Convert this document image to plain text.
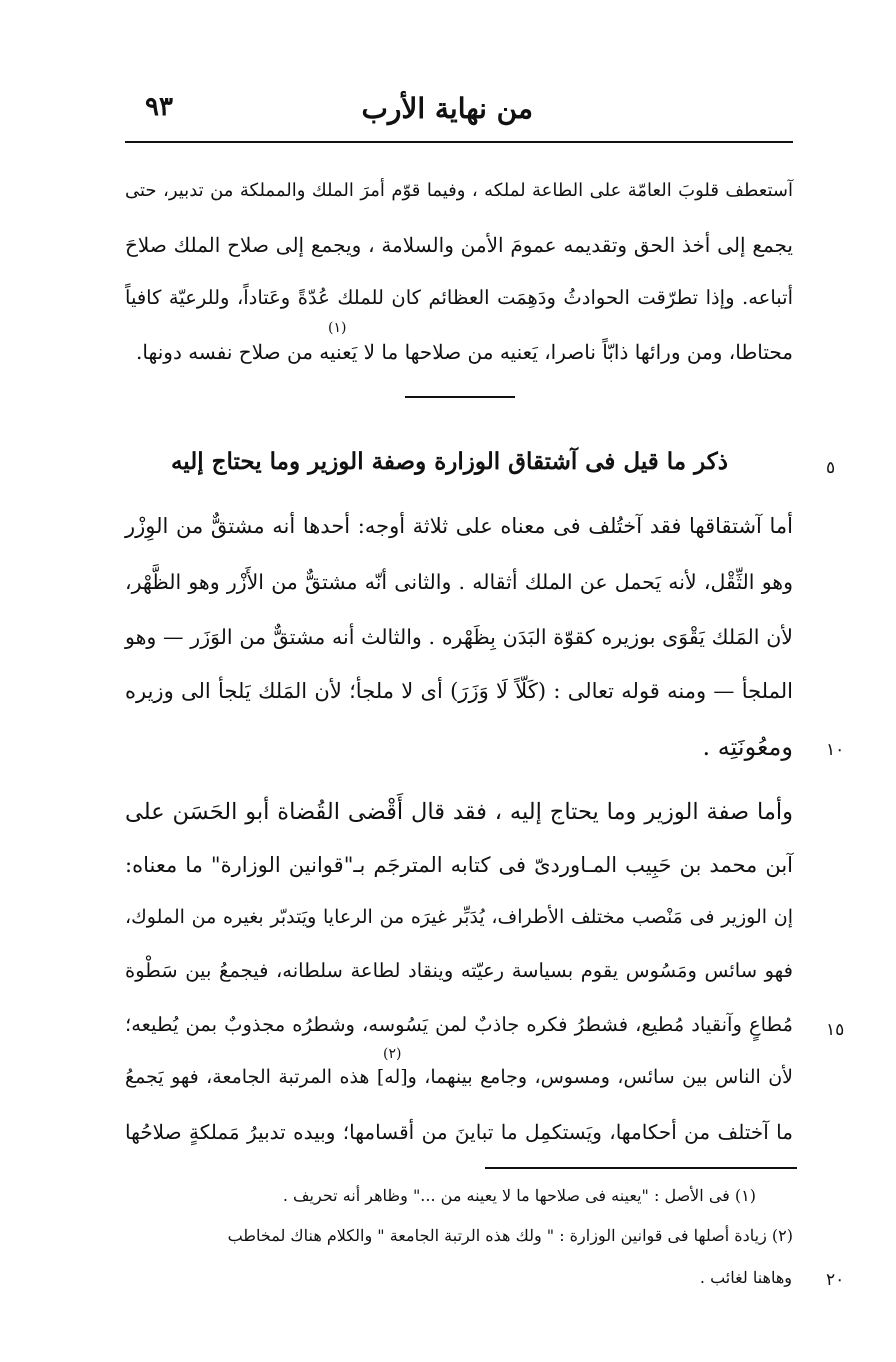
من نهاية الأرب
٩٣
آستعطف قلوبَ العامّة على الطاعة لملكه ، وفيما قوّم أمرَ الملك والمملكة من تدبير، حتى
يجمع إلى أخذ الحق وتقديمه عمومَ الأمن والسلامة ، ويجمع إلى صلاح الملك صلاحَ
أتباعه. وإذا تطرّقت الحوادثُ ودَهِمَت العظائم كان للملك عُدّةً وعَتاداً، وللرعيّة كافياً
(١)
محتاطا، ومن ورائها ذابّاً ناصرا، يَعنيه من صلاحها ما لا يَعنيه من صلاح نفسه دونها.
ذكر ما قيل فى آشتقاق الوزارة وصفة الوزير وما يحتاج إليه	٥
أما آشتقاقها فقد آختُلف فى معناه على ثلاثة أوجه: أحدها أنه مشتقٌّ من الوِزْر
وهو الثِّقْل، لأنه يَحمل عن الملك أثقاله . والثانى أنّه مشتقٌّ من الأَزْر وهو الظَّهْر،
لأن المَلك يَقْوَى بوزيره كقوّة البَدَن بِظَهْره . والثالث أنه مشتقٌّ من الوَزَر — وهو
الملجأ — ومنه قوله تعالى : (كَلّاً لَا وَزَرَ) أى لا ملجأ؛ لأن المَلك يَلجأ الى وزيره
ومعُونَتِه . ١٠
وأما صفة الوزير وما يحتاج إليه ، فقد قال أَقْضى القُضاة أبو الحَسَن على
آبن محمد بن حَبِيب المـاوردىّ فى كتابه المترجَم بـ"قوانين الوزارة" ما معناه:
إن الوزير فى مَنْصب مختلف الأطراف، يُدَبِّر غيرَه من الرعايا ويَتدبّر بغيره من الملوك،
فهو سائس ومَسُوس يقوم بسياسة رعيّته وينقاد لطاعة سلطانه، فيجمعُ بين سَطْوة
مُطاعٍ وآنقياد مُطيع، فشطرُ فكره جاذبٌ لمن يَسُوسه، وشطرُه مجذوبٌ بمن يُطيعه؛ ١٥
(٢)
لأن الناس بين سائس، ومسوس، وجامع بينهما، و[له] هذه المرتبة الجامعة، فهو يَجمعُ
ما آختلف من أحكامها، ويَستكمِل ما تباينَ من أقسامها؛ وبيده تدبيرُ مَملكةٍ صلاحُها
(١) فى الأصل : "يعينه فى صلاحها ما لا يعينه من ..." وظاهر أنه تحريف .
(٢) زيادة أصلها فى قوانين الوزارة : " ولك هذه الرتبة الجامعة " والكلام هناك لمخاطب
وهاهنا لغائب . ٢٠
